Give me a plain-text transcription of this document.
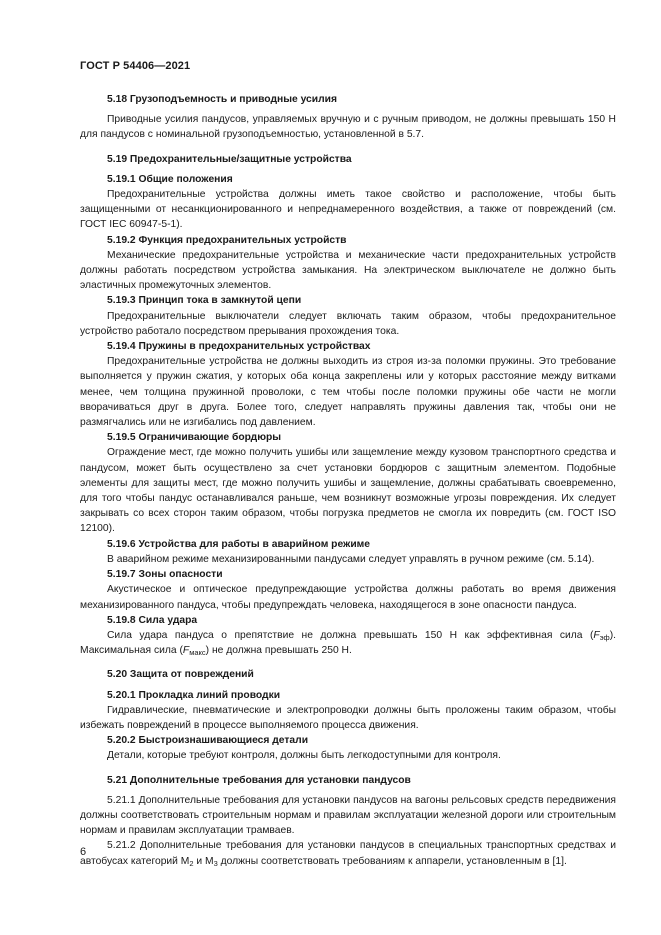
ГОСТ Р 54406—2021

5.18 Грузоподъемность и приводные усилия

Приводные усилия пандусов, управляемых вручную и с ручным приводом, не должны превышать 150 Н для пандусов с номинальной грузоподъемностью, установленной в 5.7.

5.19 Предохранительные/защитные устройства

5.19.1 Общие положения

Предохранительные устройства должны иметь такое свойство и расположение, чтобы быть защищенными от несанкционированного и непреднамеренного воздействия, а также от повреждений (см. ГОСТ IEC 60947-5-1).

5.19.2 Функция предохранительных устройств

Механические предохранительные устройства и механические части предохранительных устройств должны работать посредством устройства замыкания. На электрическом выключателе не должно быть эластичных промежуточных элементов.

5.19.3 Принцип тока в замкнутой цепи

Предохранительные выключатели следует включать таким образом, чтобы предохранительное устройство работало посредством прерывания прохождения тока.

5.19.4 Пружины в предохранительных устройствах

Предохранительные устройства не должны выходить из строя из-за поломки пружины. Это требование выполняется у пружин сжатия, у которых оба конца закреплены или у которых расстояние между витками менее, чем толщина пружинной проволоки, с тем чтобы после поломки пружины обе части не могли вворачиваться друг в друга. Более того, следует направлять пружины давления так, чтобы они не размягчались или не изгибались под давлением.

5.19.5 Ограничивающие бордюры

Ограждение мест, где можно получить ушибы или защемление между кузовом транспортного средства и пандусом, может быть осуществлено за счет установки бордюров с защитным элементом. Подобные элементы для защиты мест, где можно получить ушибы и защемление, должны срабатывать своевременно, для того чтобы пандус останавливался раньше, чем возникнут возможные угрозы повреждения. Их следует закрывать со всех сторон таким образом, чтобы погрузка предметов не смогла их повредить (см. ГОСТ ISO 12100).

5.19.6 Устройства для работы в аварийном режиме

В аварийном режиме механизированными пандусами следует управлять в ручном режиме (см. 5.14).

5.19.7 Зоны опасности

Акустическое и оптическое предупреждающие устройства должны работать во время движения механизированного пандуса, чтобы предупреждать человека, находящегося в зоне опасности пандуса.

5.19.8 Сила удара

Сила удара пандуса о препятствие не должна превышать 150 Н как эффективная сила $(F_{эф})$. Максимальная сила $(F_{макс})$ не должна превышать 250 Н.

5.20 Защита от повреждений

5.20.1 Прокладка линий проводки

Гидравлические, пневматические и электропроводки должны быть проложены таким образом, чтобы избежать повреждений в процессе выполняемого процесса движения.

5.20.2 Быстроизнашивающиеся детали

Детали, которые требуют контроля, должны быть легкодоступными для контроля.

5.21 Дополнительные требования для установки пандусов

5.21.1 Дополнительные требования для установки пандусов на вагоны рельсовых средств передвижения должны соответствовать строительным нормам и правилам эксплуатации железной дороги или строительным нормам и правилам эксплуатации трамваев.

5.21.2 Дополнительные требования для установки пандусов в специальных транспортных средствах и автобусах категорий $М_2$ и $М_3$ должны соответствовать требованиям к аппарели, установленным в [1].

6
